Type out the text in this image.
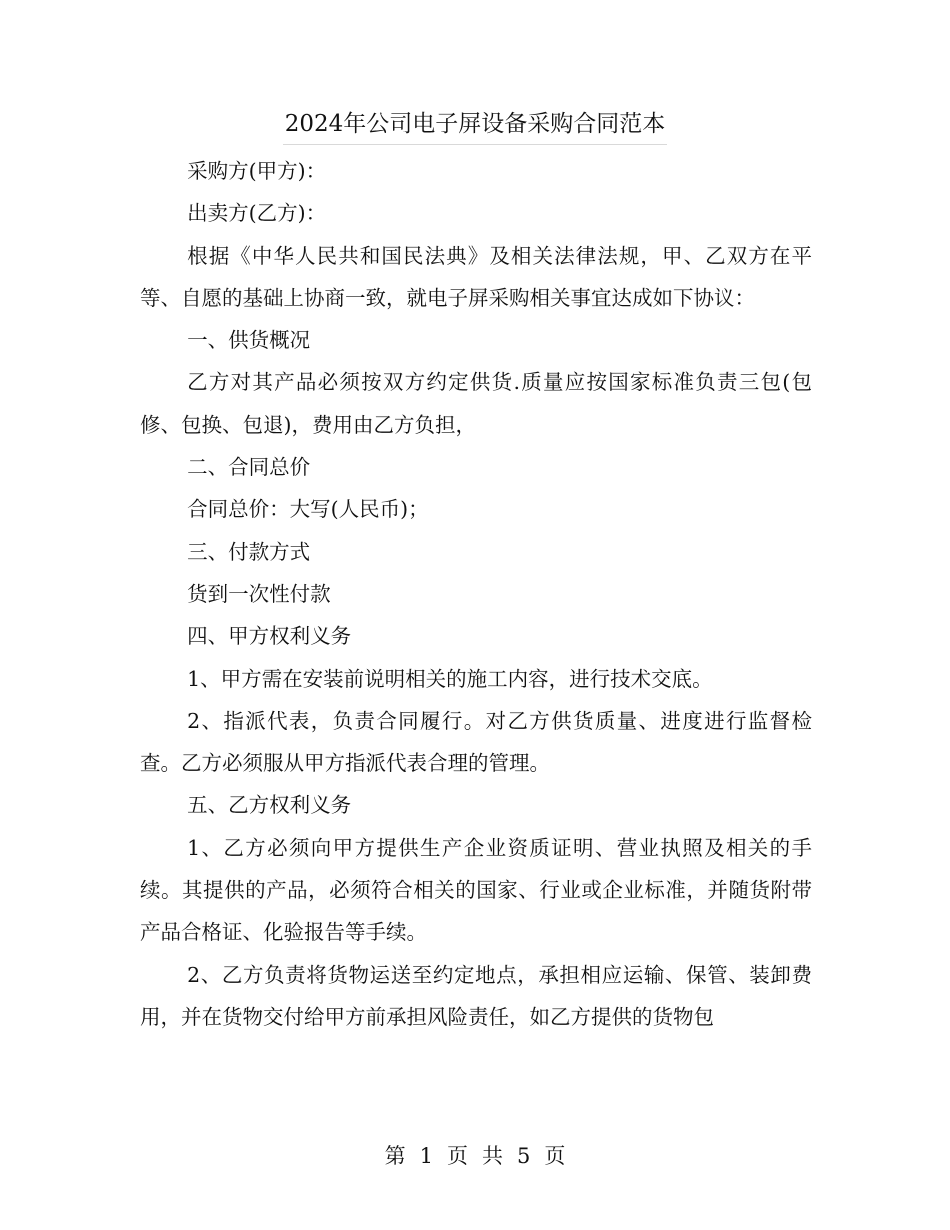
2024年公司电子屏设备采购合同范本

采购方(甲方)：

出卖方(乙方)：

根据《中华人民共和国民法典》及相关法律法规，甲、乙双方在平等、自愿的基础上协商一致，就电子屏采购相关事宜达成如下协议：

一、供货概况

乙方对其产品必须按双方约定供货.质量应按国家标准负责三包(包修、包换、包退)，费用由乙方负担，

二、合同总价

合同总价：大写(人民币)；

三、付款方式

货到一次性付款

四、甲方权利义务

1、甲方需在安装前说明相关的施工内容，进行技术交底。

2、指派代表，负责合同履行。对乙方供货质量、进度进行监督检查。乙方必须服从甲方指派代表合理的管理。

五、乙方权利义务

1、乙方必须向甲方提供生产企业资质证明、营业执照及相关的手续。其提供的产品，必须符合相关的国家、行业或企业标准，并随货附带产品合格证、化验报告等手续。

2、乙方负责将货物运送至约定地点，承担相应运输、保管、装卸费用，并在货物交付给甲方前承担风险责任，如乙方提供的货物包

第 1 页 共 5 页
